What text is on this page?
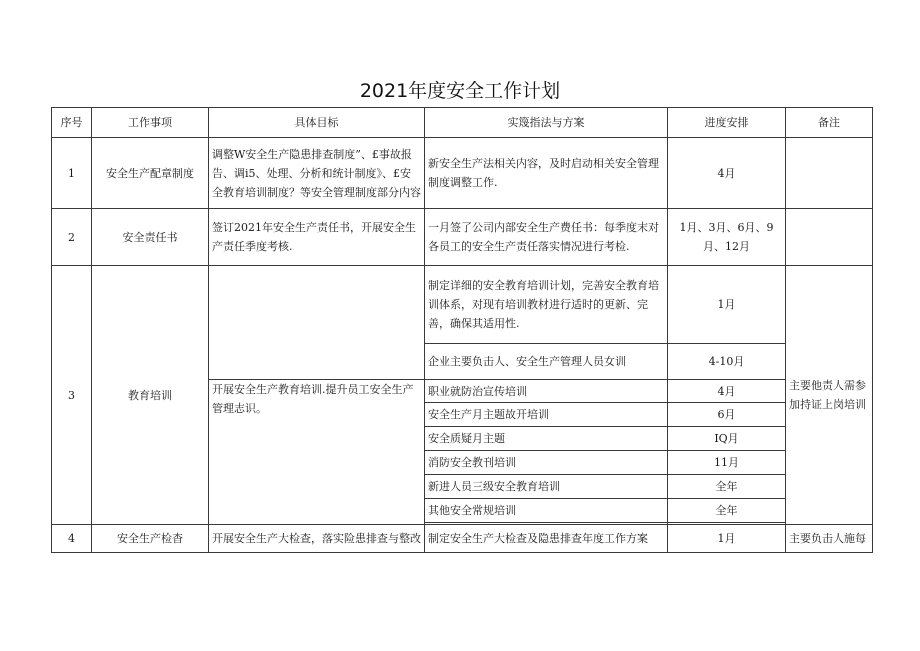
2021年度安全工作计划
序号	工作事项	具体目标	实篾指法与方案	进度安排	备注
1	安全生产配章制度	调整W安全生产隐患排查制度”、£事故报告、调i5、处理、分析和统计制度》、£安全教育培训制度？等安全管理制度部分内容	新安全生产法相关内容，及时启动相关安全管理制度调整工作.	4月	
2	安全责任书	签订2021年安全生产责任书，开展安全生产责任季度考核.	一月签了公司内部安全生产费任书：每季度末对各员工的安全生产责任落实情况进行考检.	1月、3月、6月、9月、12月	
3	教育培训		制定详细的安全教育培训计划，完善安全教育培训体系，对现有培训教材进行适时的更新、完善，确保其适用性.	1月	主要他责人需参加持证上岗培训
			企业主要负击人、安全生产管理人员女训	4-10月	
		开展安全生产教育培训.提升员工安全生产管理志识。	职业就防治宣传培训	4月	
			安全生产月主题故开培训	6月	
			安全质疑月主题	IQ月	
			消防安全教刊培训	11月	
			新进人员三级安全教育培训	全年	
			其他安全常规培训	全年	

4	安全生产检杳	开展安全生产大检查，落实险患排查与整改	制定安全生产大检查及隐患排查年度工作方案	1月	主要负击人施每
